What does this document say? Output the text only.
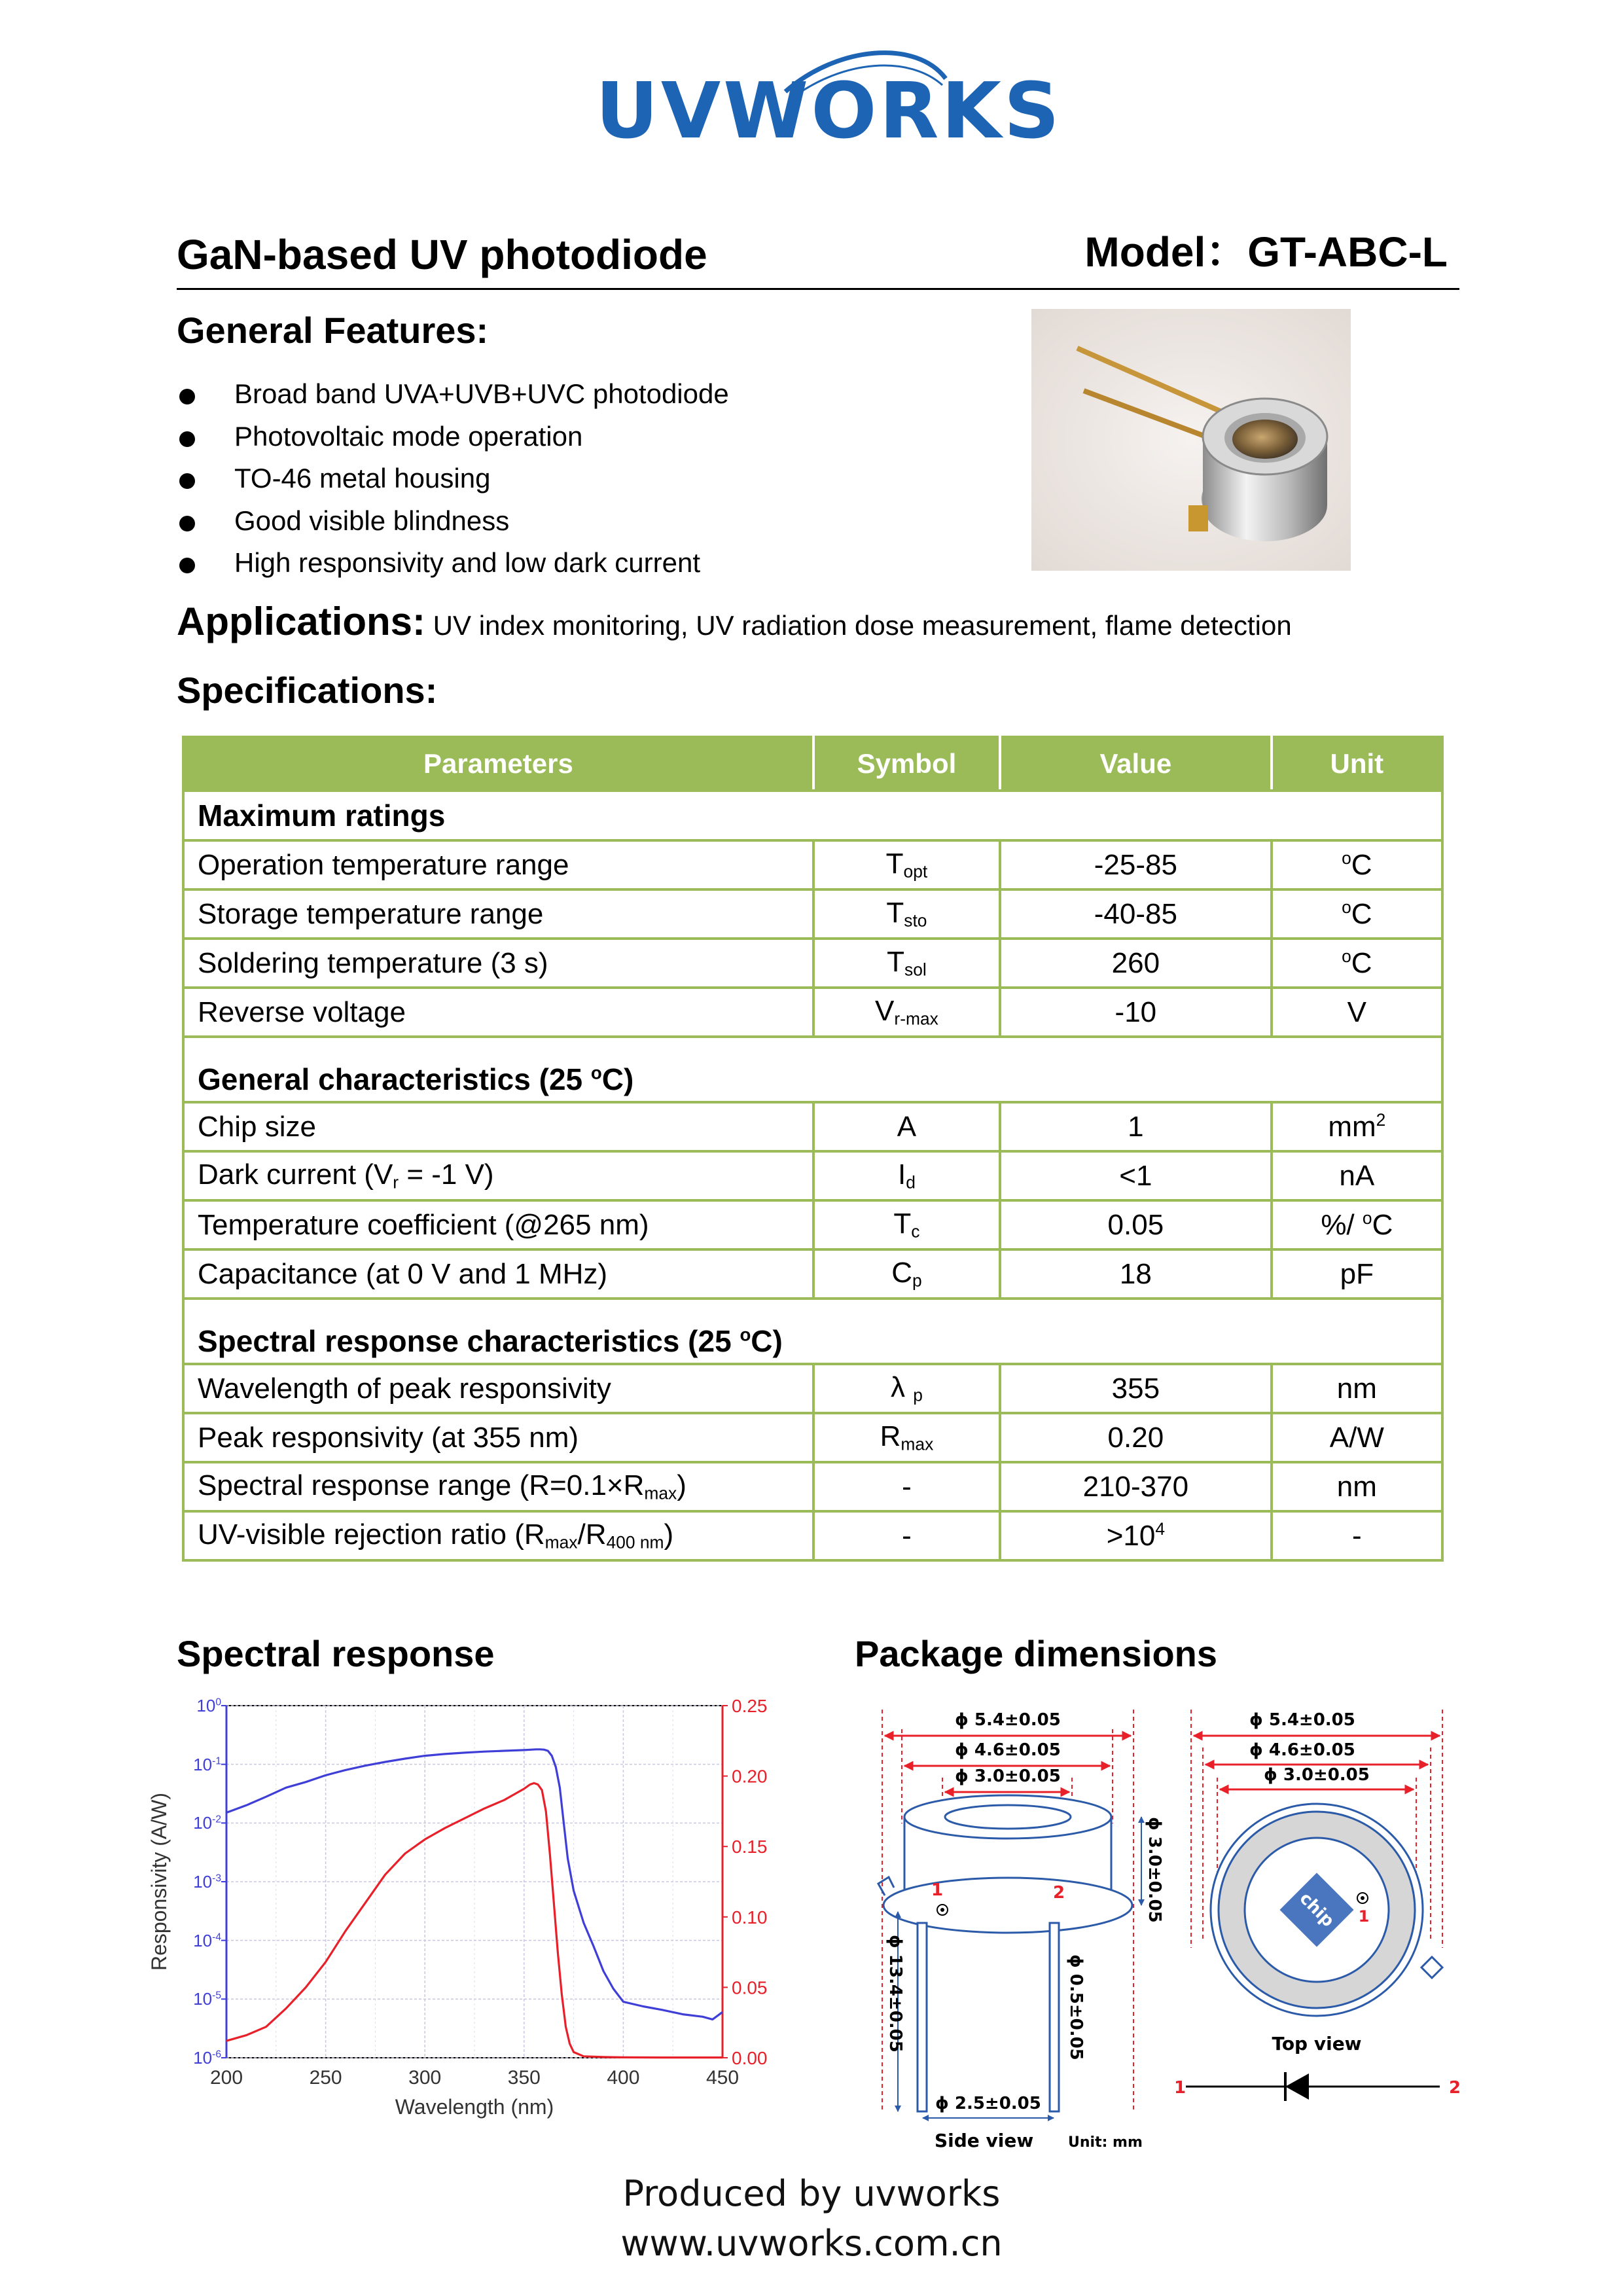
UVWORKS
GaN-based UV photodiode	Model：GT-ABC-L
General Features:
Broad band UVA+UVB+UVC photodiode
Photovoltaic mode operation
TO-46 metal housing
Good visible blindness
High responsivity and low dark current
Applications: UV index monitoring, UV radiation dose measurement, flame detection
Specifications:
Parameters	Symbol	Value	Unit
Maximum ratings			
Operation temperature range	$T_{opt}$	-25-85	$^o$C
Storage temperature range	$T_{sto}$	-40-85	$^o$C
Soldering temperature (3 s)	$T_{sol}$	260	$^o$C
Reverse voltage	$V_{r-max}$	-10	V
General characteristics (25 $^o$C)			
Chip size	A	1	$mm^2$
Dark current ($V_r = -1$ V)	$I_d$	<1	nA
Temperature coefficient (@265 nm)	$T_c$	0.05	%/ $^o$C
Capacitance (at 0 V and 1 MHz)	$C_p$	18	pF
Spectral response characteristics (25 $^o$C)			
Wavelength of peak responsivity	λ $_p$	355	nm
Peak responsivity (at 355 nm)	$R_{max}$	0.20	A/W
Spectral response range $(R=0.1\times R_{max})$	-	210-370	nm
UV-visible rejection ratio $(R_{max}/R_{400 nm})$	-	$>10^4$	-
Spectral response
200	250	300	350	400	450
$10^0$
$10^{-1}$
$10^{-2}$
$10^{-3}$
$10^{-4}$
$10^{-5}$
$10^{-6}$
0.25
0.20
0.15
0.10
0.05
0.00
Wavelength (nm)
Responsivity (A/W)
Package dimensions
ϕ 5.4±0.05
ϕ 4.6±0.05
ϕ 3.0±0.05
1	2	ϕ 3.0±0.05
ϕ 13.4±0.05	ϕ 0.5±0.05
ϕ 2.5±0.05
Side view Unit: mm
ϕ 5.4±0.05
ϕ 4.6±0.05
ϕ 3.0±0.05
chip 1
Top view
1	2
Produced by uvworks
www.uvworks.com.cn
